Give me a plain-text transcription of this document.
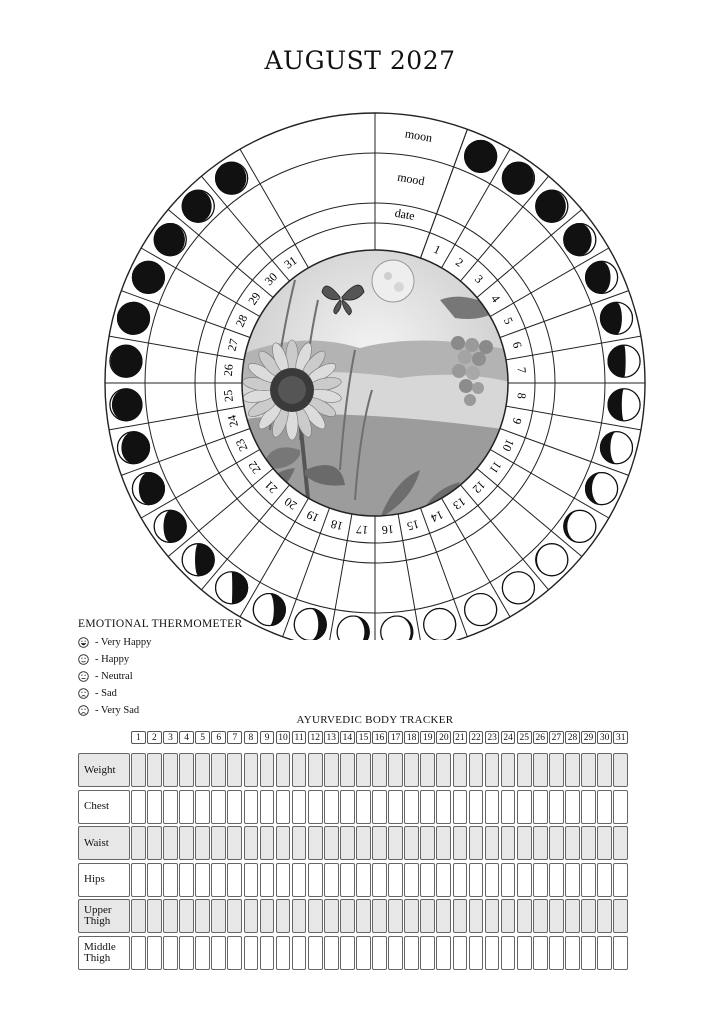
AUGUST 2027
moon
mood
date
1
2
3
4
5
6
7
8
9
10
11
12
13
14
15
16
17
18
19
20
21
22
23
24
25
26
27
28
29
30
31
EMOTIONAL THERMOMETER
- Very Happy
- Happy
- Neutral
- Sad
- Very Sad
AYURVEDIC BODY TRACKER
1	2	3	4	5	6	7	8	9 10 11 12 13 14 15 16 17 18 19 20 21 22 23 24 25 26 27 28 29 30 31
Weight
Chest
Waist
Hips
Upper Thigh
Middle Thigh
